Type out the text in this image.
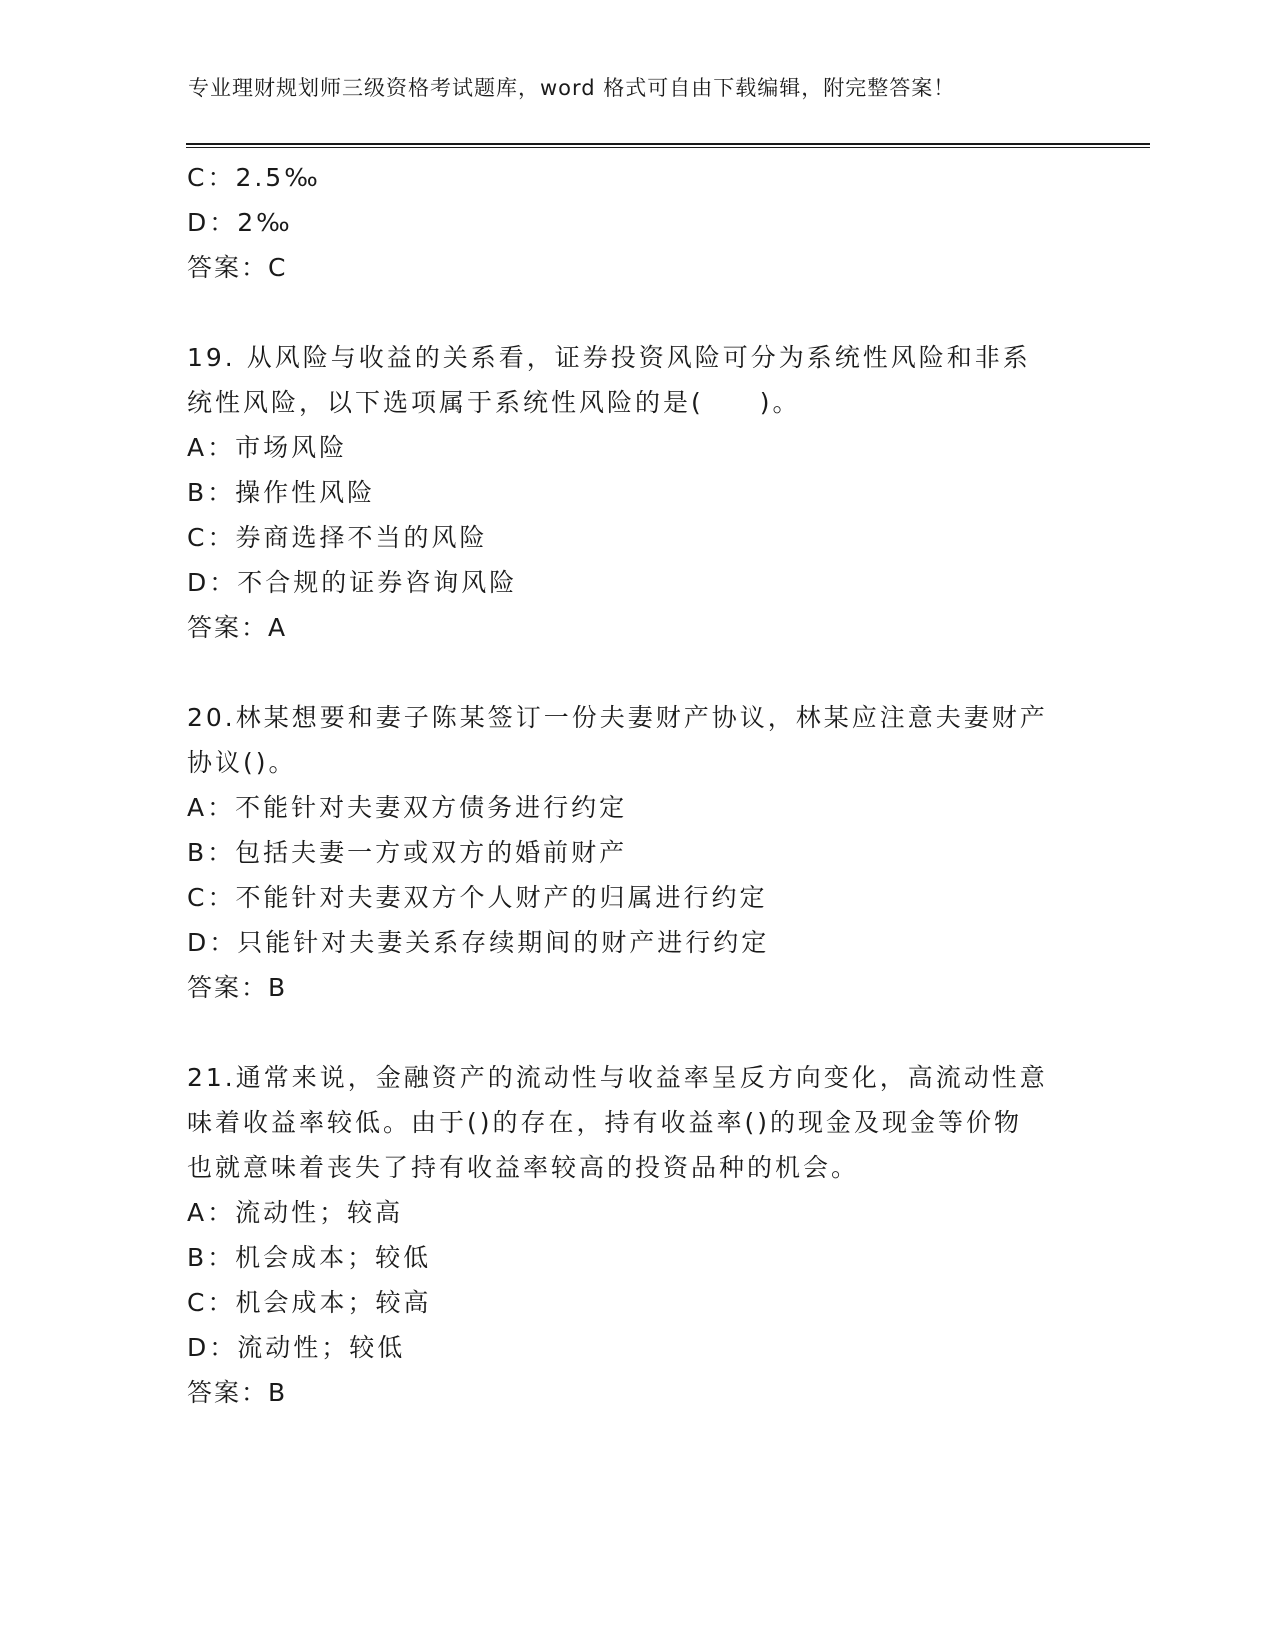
专业理财规划师三级资格考试题库，word 格式可自由下载编辑，附完整答案！
C：2.5‰
D：2‰
答案：C
19. 从风险与收益的关系看，证券投资风险可分为系统性风险和非系
统性风险，以下选项属于系统性风险的是(　　)。
A：市场风险
B：操作性风险
C：券商选择不当的风险
D：不合规的证券咨询风险
答案：A
20.林某想要和妻子陈某签订一份夫妻财产协议，林某应注意夫妻财产
协议()。
A：不能针对夫妻双方债务进行约定
B：包括夫妻一方或双方的婚前财产
C：不能针对夫妻双方个人财产的归属进行约定
D：只能针对夫妻关系存续期间的财产进行约定
答案：B
21.通常来说，金融资产的流动性与收益率呈反方向变化，高流动性意
味着收益率较低。由于()的存在，持有收益率()的现金及现金等价物
也就意味着丧失了持有收益率较高的投资品种的机会。
A：流动性；较高
B：机会成本；较低
C：机会成本；较高
D：流动性；较低
答案：B
